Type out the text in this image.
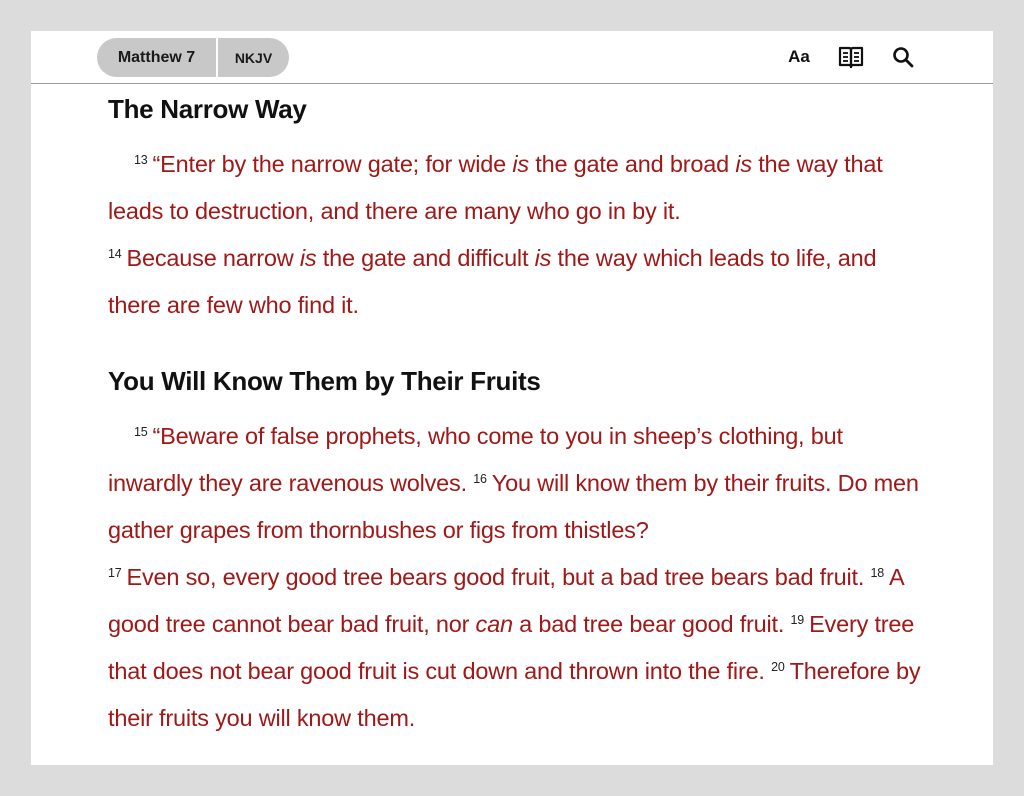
Matthew 7	NKJV	Aa
The Narrow Way

$^{13}$ “Enter by the narrow gate; for wide is the gate and broad is the way that leads to destruction, and there are many who go in by it.
$^{14}$ Because narrow is the gate and difficult is the way which leads to life, and there are few who find it.

You Will Know Them by Their Fruits

$^{15}$ “Beware of false prophets, who come to you in sheep’s clothing, but inwardly they are ravenous wolves. $^{16}$ You will know them by their fruits. Do men gather grapes from thornbushes or figs from thistles?
$^{17}$ Even so, every good tree bears good fruit, but a bad tree bears bad fruit. $^{18}$ A good tree cannot bear bad fruit, nor can a bad tree bear good fruit. $^{19}$ Every tree that does not bear good fruit is cut down and thrown into the fire. $^{20}$ Therefore by their fruits you will know them.
